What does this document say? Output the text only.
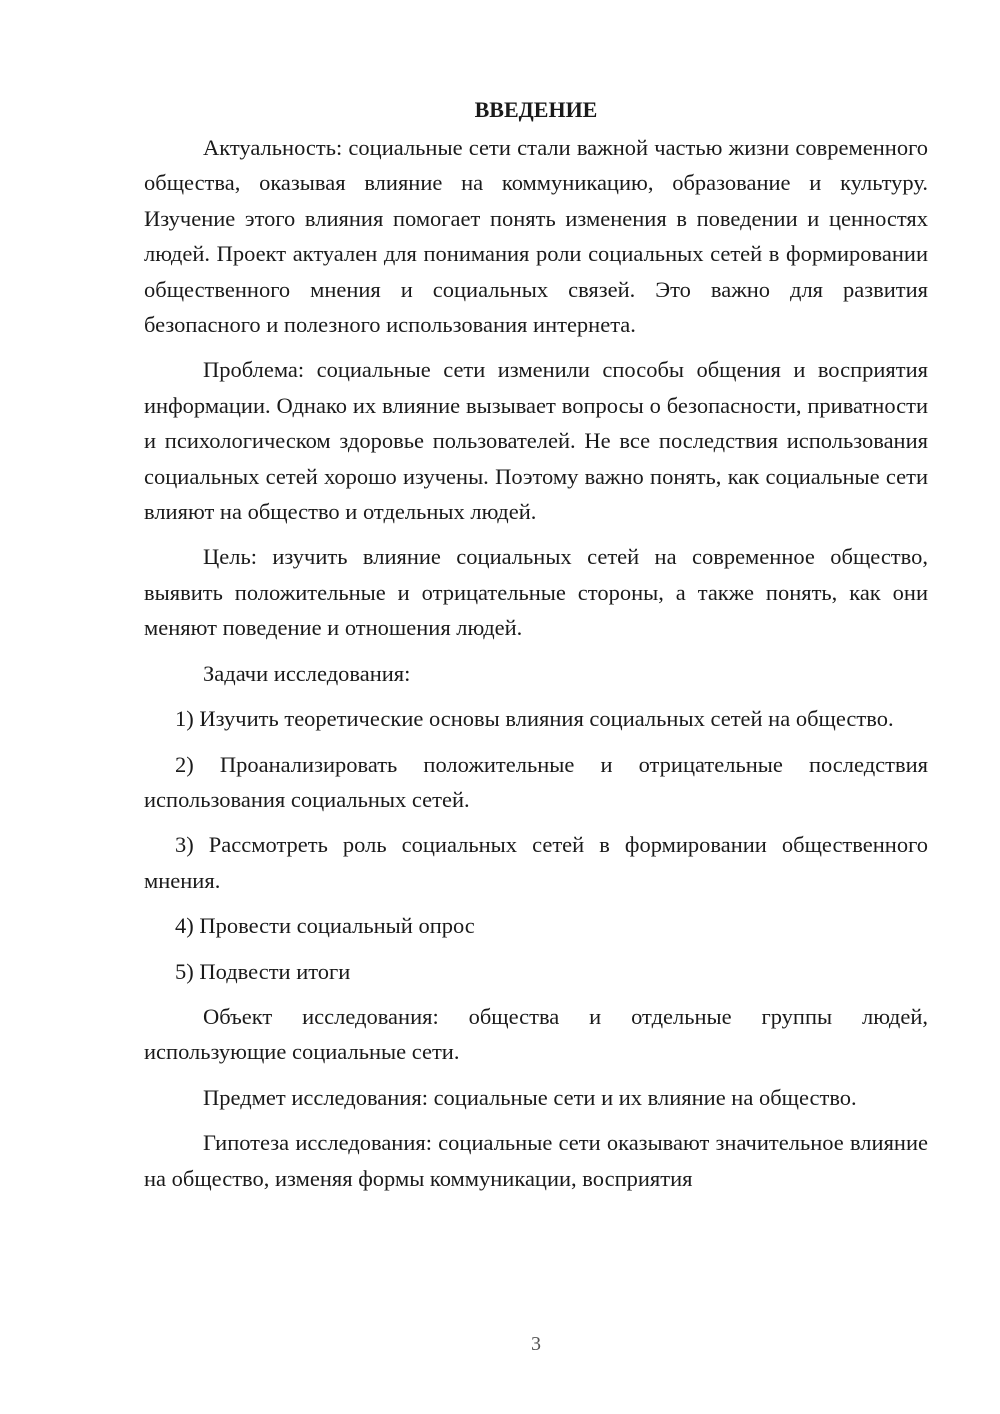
ВВЕДЕНИЕ

Актуальность: социальные сети стали важной частью жизни современного общества, оказывая влияние на коммуникацию, образование и культуру. Изучение этого влияния помогает понять изменения в поведении и ценностях людей. Проект актуален для понимания роли социальных сетей в формировании общественного мнения и социальных связей. Это важно для развития безопасного и полезного использования интернета.

Проблема: социальные сети изменили способы общения и восприятия информации. Однако их влияние вызывает вопросы о безопасности, приватности и психологическом здоровье пользователей. Не все последствия использования социальных сетей хорошо изучены. Поэтому важно понять, как социальные сети влияют на общество и отдельных людей.

Цель: изучить влияние социальных сетей на современное общество, выявить положительные и отрицательные стороны, а также понять, как они меняют поведение и отношения людей.

Задачи исследования:

1) Изучить теоретические основы влияния социальных сетей на общество.

2) Проанализировать положительные и отрицательные последствия использования социальных сетей.

3) Рассмотреть роль социальных сетей в формировании общественного мнения.

4) Провести социальный опрос

5) Подвести итоги

Объект исследования: общества и отдельные группы людей, использующие социальные сети.

Предмет исследования: социальные сети и их влияние на общество.

Гипотеза исследования: социальные сети оказывают значительное влияние на общество, изменяя формы коммуникации, восприятия

3
